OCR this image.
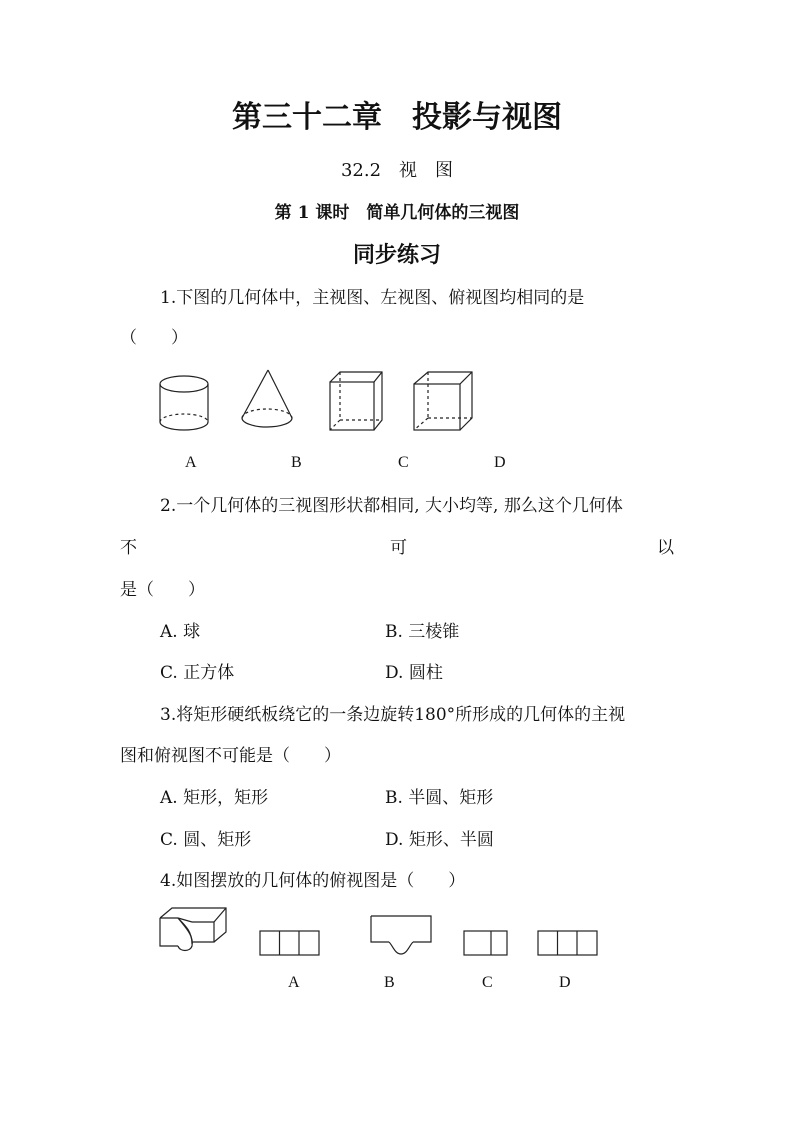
第三十二章　投影与视图
32.2　视　图
第 1 课时　简单几何体的三视图
同步练习
1.下图的几何体中，主视图、左视图、俯视图均相同的是
（　　）
A	B	C	D
2.一个几何体的三视图形状都相同, 大小均等, 那么这个几何体
不	可	以
是（　　）
A. 球	B. 三棱锥
C. 正方体	D. 圆柱
3.将矩形硬纸板绕它的一条边旋转180°所形成的几何体的主视
图和俯视图不可能是（　　）
A. 矩形，矩形	B. 半圆、矩形
C. 圆、矩形	D. 矩形、半圆
4.如图摆放的几何体的俯视图是（　　）
A	B	C	D
